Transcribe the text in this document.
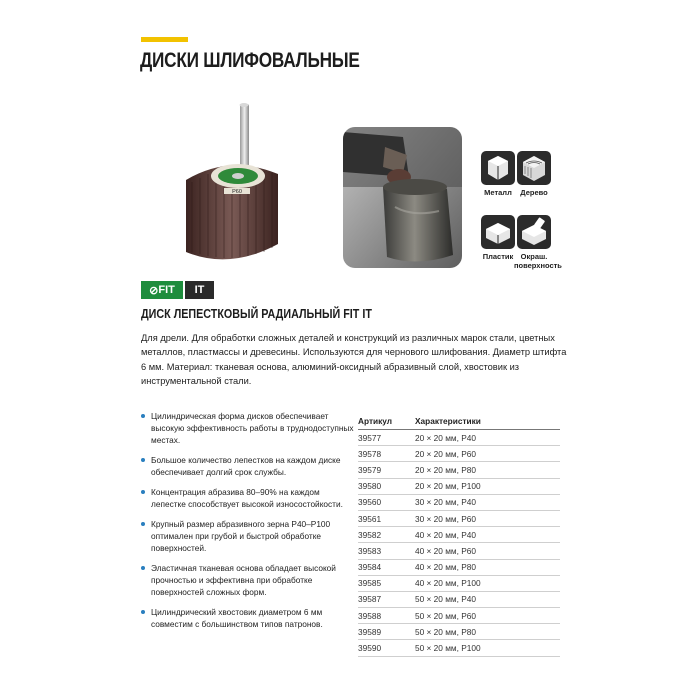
ДИСКИ ШЛИФОВАЛЬНЫЕ
P60	Металл	Дерево
Пластик Окраш. поверхность
⊘ FIT	IT
ДИСК ЛЕПЕСТКОВЫЙ РАДИАЛЬНЫЙ FIT IT
Для дрели. Для обработки сложных деталей и конструкций из различных марок стали, цветных металлов, пластмассы и древесины. Используются для чернового шлифования. Диаметр штифта 6 мм. Материал: тканевая основа, алюминий-оксидный абразивный слой, хвостовик из инструментальной стали.
Цилиндрическая форма дисков обеспечивает высокую эффективность работы в труднодоступных местах.
Большое количество лепестков на каждом диске обеспечивает долгий срок службы.
Концентрация абразива 80–90% на каждом лепестке способствует высокой износостойкости.
Крупный размер абразивного зерна P40–P100 оптимален при грубой и быстрой обработке поверхностей.
Эластичная тканевая основа обладает высокой прочностью и эффективна при обработке поверхностей сложных форм.
Цилиндрический хвостовик диаметром 6 мм совместим с большинством типов патронов.
Артикул	Характеристики
39577	20 × 20 мм, P40
39578	20 × 20 мм, P60
39579	20 × 20 мм, P80
39580	20 × 20 мм, P100
39560	30 × 20 мм, P40
39561	30 × 20 мм, P60
39582	40 × 20 мм, P40
39583	40 × 20 мм, P60
39584	40 × 20 мм, P80
39585	40 × 20 мм, P100
39587	50 × 20 мм, P40
39588	50 × 20 мм, P60
39589	50 × 20 мм, P80
39590	50 × 20 мм, P100
